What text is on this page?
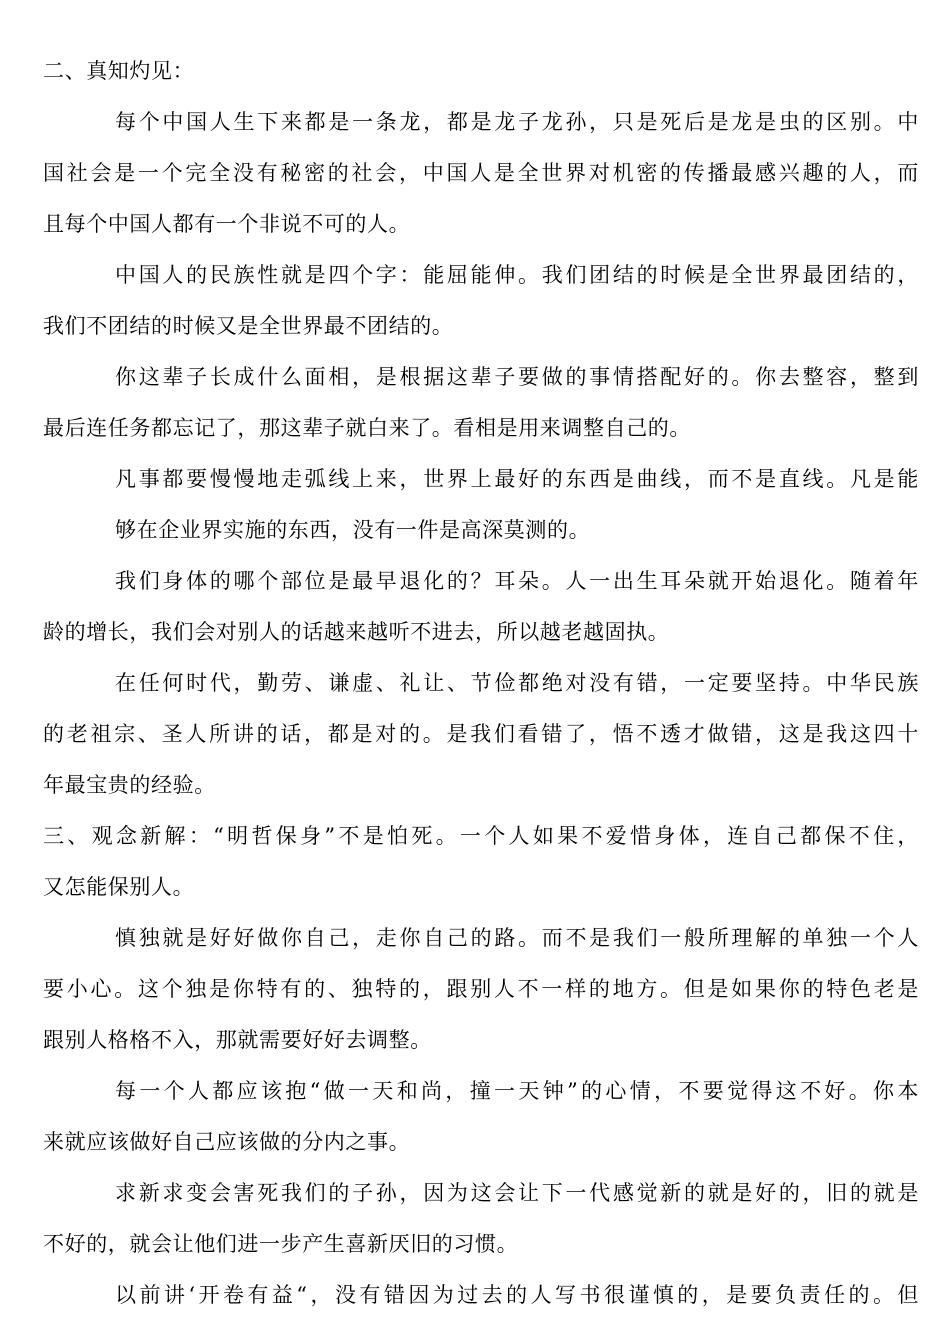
二、真知灼见：
每个中国人生下来都是一条龙，都是龙子龙孙，只是死后是龙是虫的区别。中
国社会是一个完全没有秘密的社会，中国人是全世界对机密的传播最感兴趣的人，而
且每个中国人都有一个非说不可的人。
中国人的民族性就是四个字：能屈能伸。我们团结的时候是全世界最团结的，
我们不团结的时候又是全世界最不团结的。
你这辈子长成什么面相，是根据这辈子要做的事情搭配好的。你去整容，整到
最后连任务都忘记了，那这辈子就白来了。看相是用来调整自己的。
凡事都要慢慢地走弧线上来，世界上最好的东西是曲线，而不是直线。凡是能
够在企业界实施的东西，没有一件是高深莫测的。
我们身体的哪个部位是最早退化的？耳朵。人一出生耳朵就开始退化。随着年
龄的增长，我们会对别人的话越来越听不进去，所以越老越固执。
在任何时代，勤劳、谦虚、礼让、节俭都绝对没有错，一定要坚持。中华民族
的老祖宗、圣人所讲的话，都是对的。是我们看错了，悟不透才做错，这是我这四十
年最宝贵的经验。
三、观念新解：“明哲保身”不是怕死。一个人如果不爱惜身体，连自己都保不住，
又怎能保别人。
慎独就是好好做你自己，走你自己的路。而不是我们一般所理解的单独一个人
要小心。这个独是你特有的、独特的，跟别人不一样的地方。但是如果你的特色老是
跟别人格格不入，那就需要好好去调整。
每一个人都应该抱“做一天和尚，撞一天钟”的心情，不要觉得这不好。你本
来就应该做好自己应该做的分内之事。
求新求变会害死我们的子孙，因为这会让下一代感觉新的就是好的，旧的就是
不好的，就会让他们进一步产生喜新厌旧的习惯。
以前讲‘开卷有益“，没有错因为过去的人写书很谨慎的，是要负责任的。但
